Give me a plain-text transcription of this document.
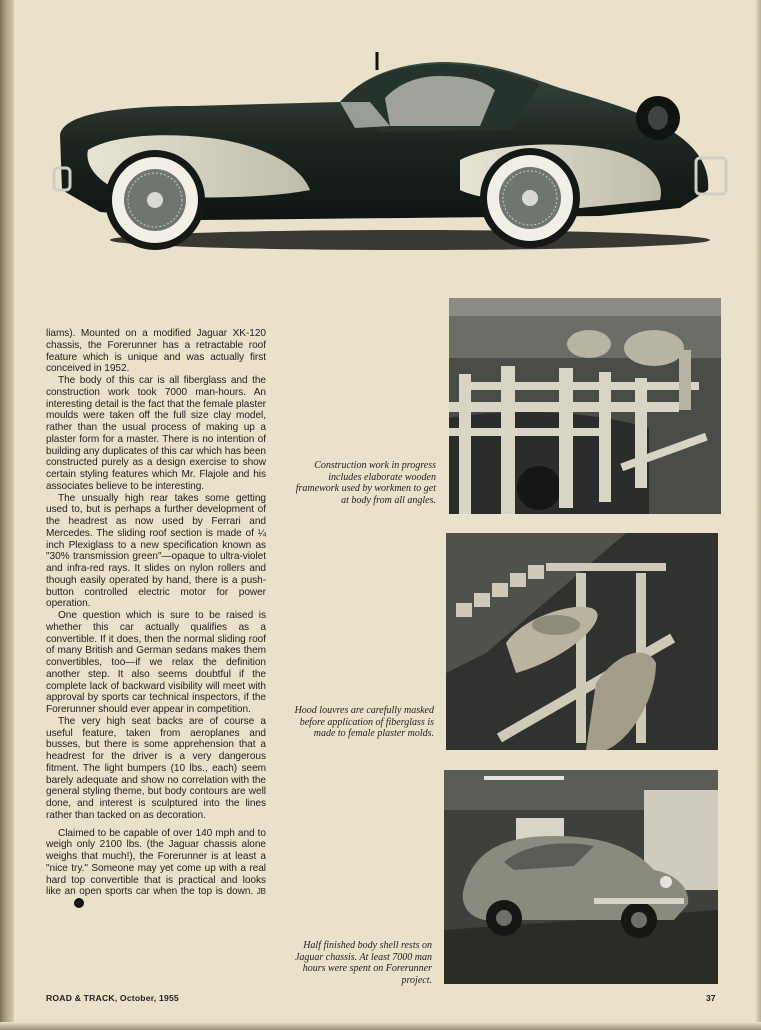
liams). Mounted on a modified Jaguar XK-120 chassis, the Forerunner has a retractable roof feature which is unique and was actually first conceived in 1952.

The body of this car is all fiberglass and the construction work took 7000 man-hours. An interesting detail is the fact that the female plaster moulds were taken off the full size clay model, rather than the usual process of making up a plaster form for a master. There is no intention of building any duplicates of this car which has been constructed purely as a design exercise to show certain styling features which Mr. Flajole and his associates believe to be interesting.

The unsually high rear takes some getting used to, but is perhaps a further development of the headrest as now used by Ferrari and Mercedes. The sliding roof section is made of ¼ inch Plexiglass to a new specification known as "30% transmission green"—opaque to ultra-violet and infra-red rays. It slides on nylon rollers and though easily operated by hand, there is a push-button controlled electric motor for power operation.

One question which is sure to be raised is whether this car actually qualifies as a convertible. If it does, then the normal sliding roof of many British and German sedans makes them convertibles, too—if we relax the definition another step. It also seems doubtful if the complete lack of backward visibility will meet with approval by sports car technical inspectors, if the Forerunner should ever appear in competition.

The very high seat backs are of course a useful feature, taken from aeroplanes and busses, but there is some apprehension that a headrest for the driver is a very dangerous fitment. The light bumpers (10 lbs., each) seem barely adequate and show no correlation with the general styling theme, but body contours are well done, and interest is sculptured into the lines rather than tacked on as decoration.

Claimed to be capable of over 140 mph and to weigh only 2100 lbs. (the Jaguar chassis alone weighs that much!), the Forerunner is at least a "nice try." Someone may yet come up with a real hard top convertible that is practical and looks like an open sports car when the top is down. JB

Construction work in progress includes elaborate wooden framework used by workmen to get at body from all angles.
Hood louvres are carefully masked before application of fiberglass is made to female plaster molds.
Half finished body shell rests on Jaguar chassis. At least 7000 man hours were spent on Forerunner project.
ROAD & TRACK, October, 1955	37
